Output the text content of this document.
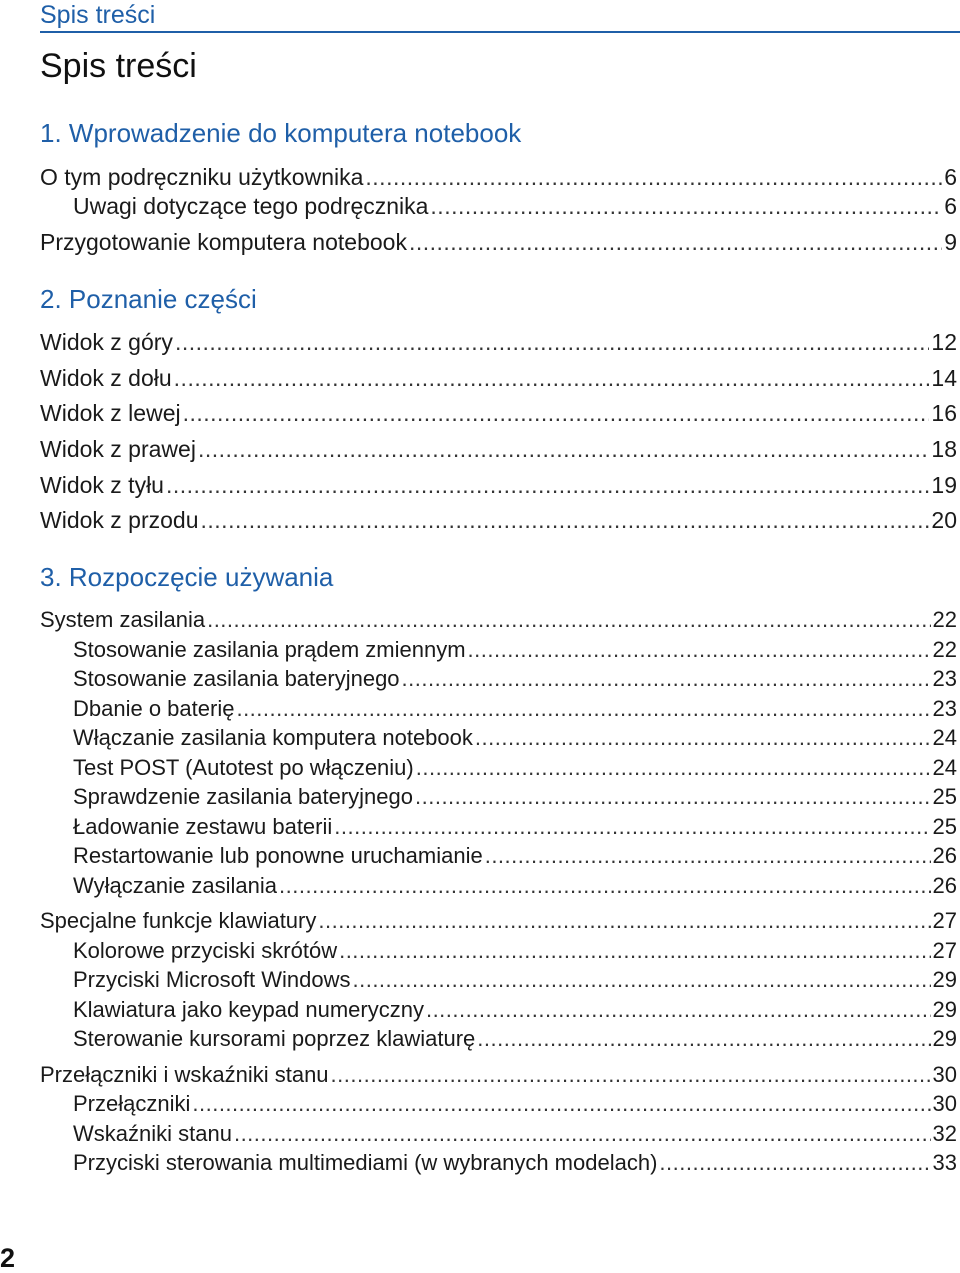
Spis treści
Spis treści
1. Wprowadzenie do komputera notebook
O tym podręczniku użytkownika .....	6
Uwagi dotyczące tego podręcznika .....	6
Przygotowanie komputera notebook .....	9
2. Poznanie części
Widok z góry .....	12
Widok z dołu .....	14
Widok z lewej .....	16
Widok z prawej .....	18
Widok z tyłu .....	19
Widok z przodu .....	20
3. Rozpoczęcie używania
System zasilania .....	22
Stosowanie zasilania prądem zmiennym .....	22
Stosowanie zasilania bateryjnego .....	23
Dbanie o baterię .....	23
Włączanie zasilania komputera notebook .....	24
Test POST (Autotest po włączeniu) .....	24
Sprawdzenie zasilania bateryjnego .....	25
Ładowanie zestawu baterii .....	25
Restartowanie lub ponowne uruchamianie .....	26
Wyłączanie zasilania .....	26
Specjalne funkcje klawiatury .....	27
Kolorowe przyciski skrótów .....	27
Przyciski Microsoft Windows .....	29
Klawiatura jako keypad numeryczny .....	29
Sterowanie kursorami poprzez klawiaturę .....	29
Przełączniki i wskaźniki stanu .....	30
Przełączniki .....	30
Wskaźniki stanu .....	32
Przyciski sterowania multimediami (w wybranych modelach) .....	33
2
